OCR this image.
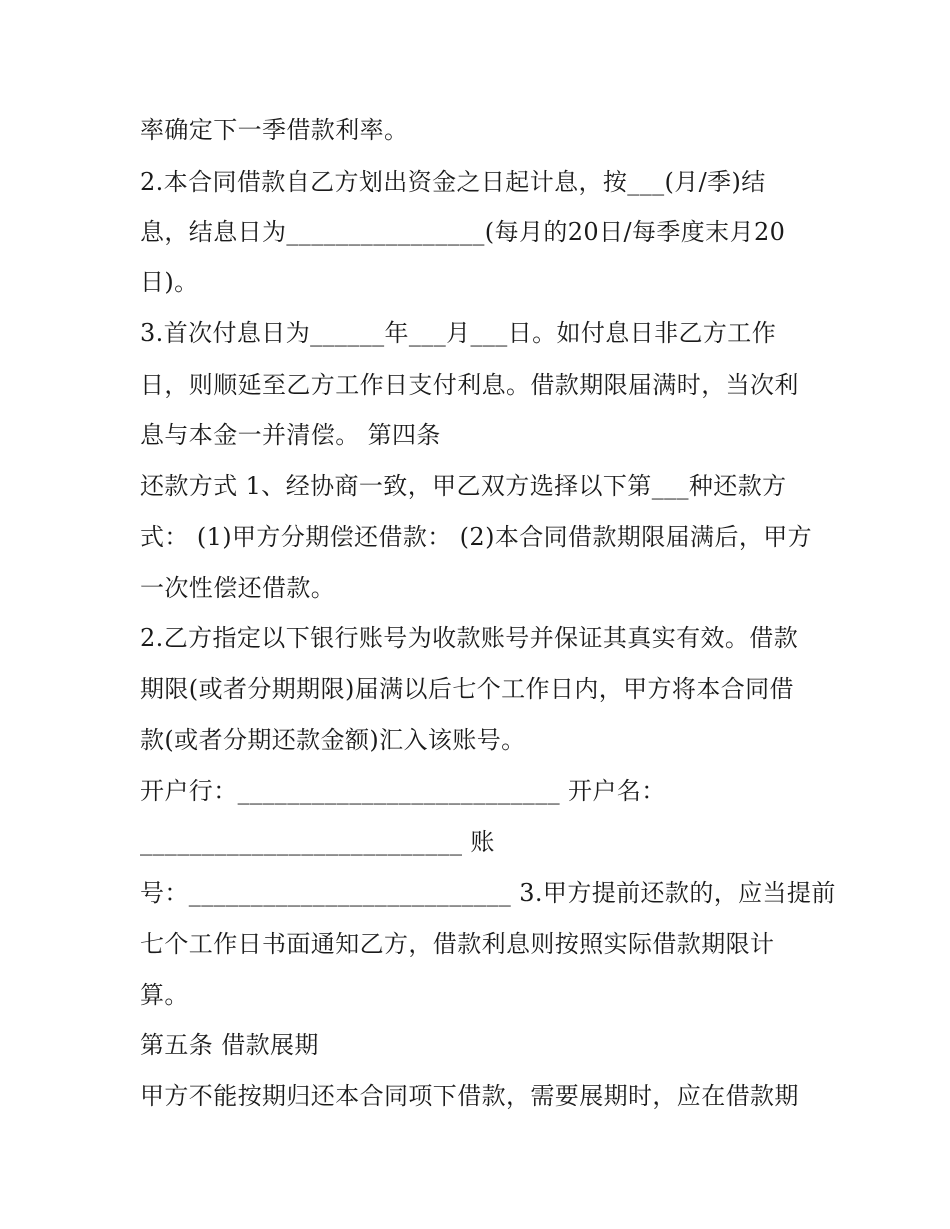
率确定下一季借款利率。
2.本合同借款自乙方划出资金之日起计息，按___(月/季)结
息，结息日为________________(每月的20日/每季度末月20
日)。
3.首次付息日为______年___月___日。如付息日非乙方工作
日，则顺延至乙方工作日支付利息。借款期限届满时，当次利
息与本金一并清偿。 第四条
还款方式 1、经协商一致，甲乙双方选择以下第___种还款方
式： (1)甲方分期偿还借款： (2)本合同借款期限届满后，甲方
一次性偿还借款。
2.乙方指定以下银行账号为收款账号并保证其真实有效。借款
期限(或者分期期限)届满以后七个工作日内，甲方将本合同借
款(或者分期还款金额)汇入该账号。
开户行：__________________________ 开户名：
__________________________ 账
号：__________________________ 3.甲方提前还款的，应当提前
七个工作日书面通知乙方，借款利息则按照实际借款期限计
算。
第五条 借款展期
甲方不能按期归还本合同项下借款，需要展期时，应在借款期
